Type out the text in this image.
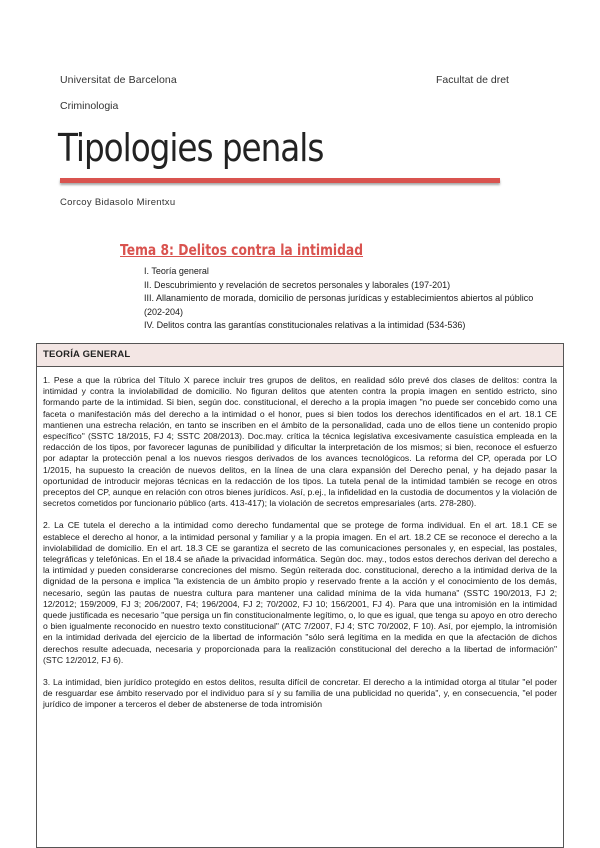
Universitat de Barcelona	Facultat de dret
Criminologia
Tipologies penals
Corcoy Bidasolo Mirentxu
Tema 8: Delitos contra la intimidad
I. Teoría general
II. Descubrimiento y revelación de secretos personales y laborales (197-201)
III. Allanamiento de morada, domicilio de personas jurídicas y establecimientos abiertos al público (202-204)
IV. Delitos contra las garantías constitucionales relativas a la intimidad (534-536)
TEORÍA GENERAL

1. Pese a que la rúbrica del Título X parece incluir tres grupos de delitos, en realidad sólo prevé dos clases de delitos: contra la intimidad y contra la inviolabilidad de domicilio. No figuran delitos que atenten contra la propia imagen en sentido estricto, sino formando parte de la intimidad. Si bien, según doc. constitucional, el derecho a la propia imagen "no puede ser concebido como una faceta o manifestación más del derecho a la intimidad o el honor, pues si bien todos los derechos identificados en el art. 18.1 CE mantienen una estrecha relación, en tanto se inscriben en el ámbito de la personalidad, cada uno de ellos tiene un contenido propio específico" (SSTC 18/2015, FJ 4; SSTC 208/2013). Doc.may. crítica la técnica legislativa excesivamente casuística empleada en la redacción de los tipos, por favorecer lagunas de punibilidad y dificultar la interpretación de los mismos; si bien, reconoce el esfuerzo por adaptar la protección penal a los nuevos riesgos derivados de los avances tecnológicos. La reforma del CP, operada por LO 1/2015, ha supuesto la creación de nuevos delitos, en la línea de una clara expansión del Derecho penal, y ha dejado pasar la oportunidad de introducir mejoras técnicas en la redacción de los tipos. La tutela penal de la intimidad también se recoge en otros preceptos del CP, aunque en relación con otros bienes jurídicos. Así, p.ej., la infidelidad en la custodia de documentos y la violación de secretos cometidos por funcionario público (arts. 413-417); la violación de secretos empresariales (arts. 278-280).

2. La CE tutela el derecho a la intimidad como derecho fundamental que se protege de forma individual. En el art. 18.1 CE se establece el derecho al honor, a la intimidad personal y familiar y a la propia imagen. En el art. 18.2 CE se reconoce el derecho a la inviolabilidad de domicilio. En el art. 18.3 CE se garantiza el secreto de las comunicaciones personales y, en especial, las postales, telegráficas y telefónicas. En el 18.4 se añade la privacidad informática. Según doc. may., todos estos derechos derivan del derecho a la intimidad y pueden considerarse concreciones del mismo. Según reiterada doc. constitucional, derecho a la intimidad deriva de la dignidad de la persona e implica "la existencia de un ámbito propio y reservado frente a la acción y el conocimiento de los demás, necesario, según las pautas de nuestra cultura para mantener una calidad mínima de la vida humana" (SSTC 190/2013, FJ 2; 12/2012; 159/2009, FJ 3; 206/2007, F4; 196/2004, FJ 2; 70/2002, FJ 10; 156/2001, FJ 4). Para que una intromisión en la intimidad quede justificada es necesario "que persiga un fin constitucionalmente legítimo, o, lo que es igual, que tenga su apoyo en otro derecho o bien igualmente reconocido en nuestro texto constitucional" (ATC 7/2007, FJ 4; STC 70/2002, F 10). Así, por ejemplo, la intromisión en la intimidad derivada del ejercicio de la libertad de información "sólo será legítima en la medida en que la afectación de dichos derechos resulte adecuada, necesaria y proporcionada para la realización constitucional del derecho a la libertad de información" (STC 12/2012, FJ 6).

3. La intimidad, bien jurídico protegido en estos delitos, resulta difícil de concretar. El derecho a la intimidad otorga al titular "el poder de resguardar ese ámbito reservado por el individuo para sí y su familia de una publicidad no querida", y, en consecuencia, "el poder jurídico de imponer a terceros el deber de abstenerse de toda intromisión
